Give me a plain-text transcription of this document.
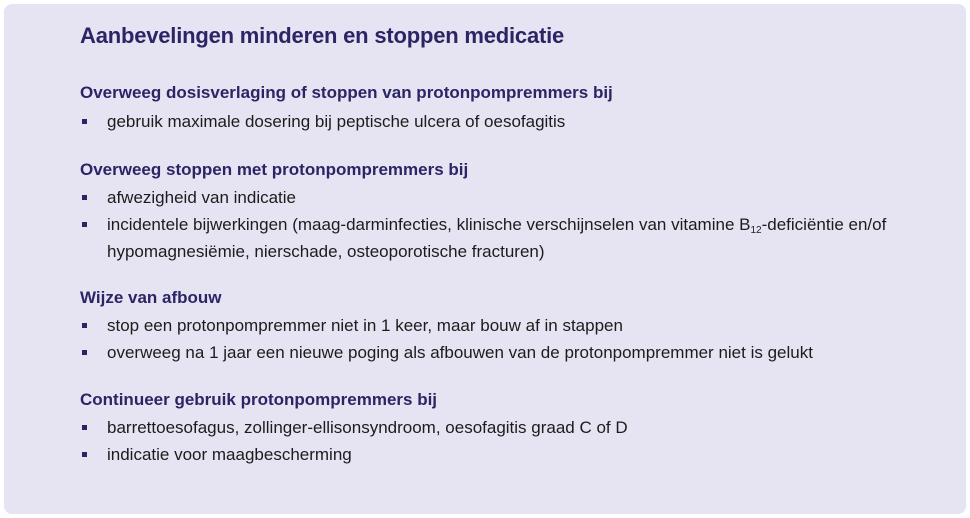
Aanbevelingen minderen en stoppen medicatie
Overweeg dosisverlaging of stoppen van protonpompremmers bij
gebruik maximale dosering bij peptische ulcera of oesofagitis
Overweeg stoppen met protonpompremmers bij
afwezigheid van indicatie
incidentele bijwerkingen (maag-darminfecties, klinische verschijnselen van vitamine $B_{12}$-deficiëntie en/of hypomagnesiëmie, nierschade, osteoporotische fracturen)
Wijze van afbouw
stop een protonpompremmer niet in 1 keer, maar bouw af in stappen
overweeg na 1 jaar een nieuwe poging als afbouwen van de protonpompremmer niet is gelukt
Continueer gebruik protonpompremmers bij
barrettoesofagus, zollinger-ellisonsyndroom, oesofagitis graad C of D
indicatie voor maagbescherming
